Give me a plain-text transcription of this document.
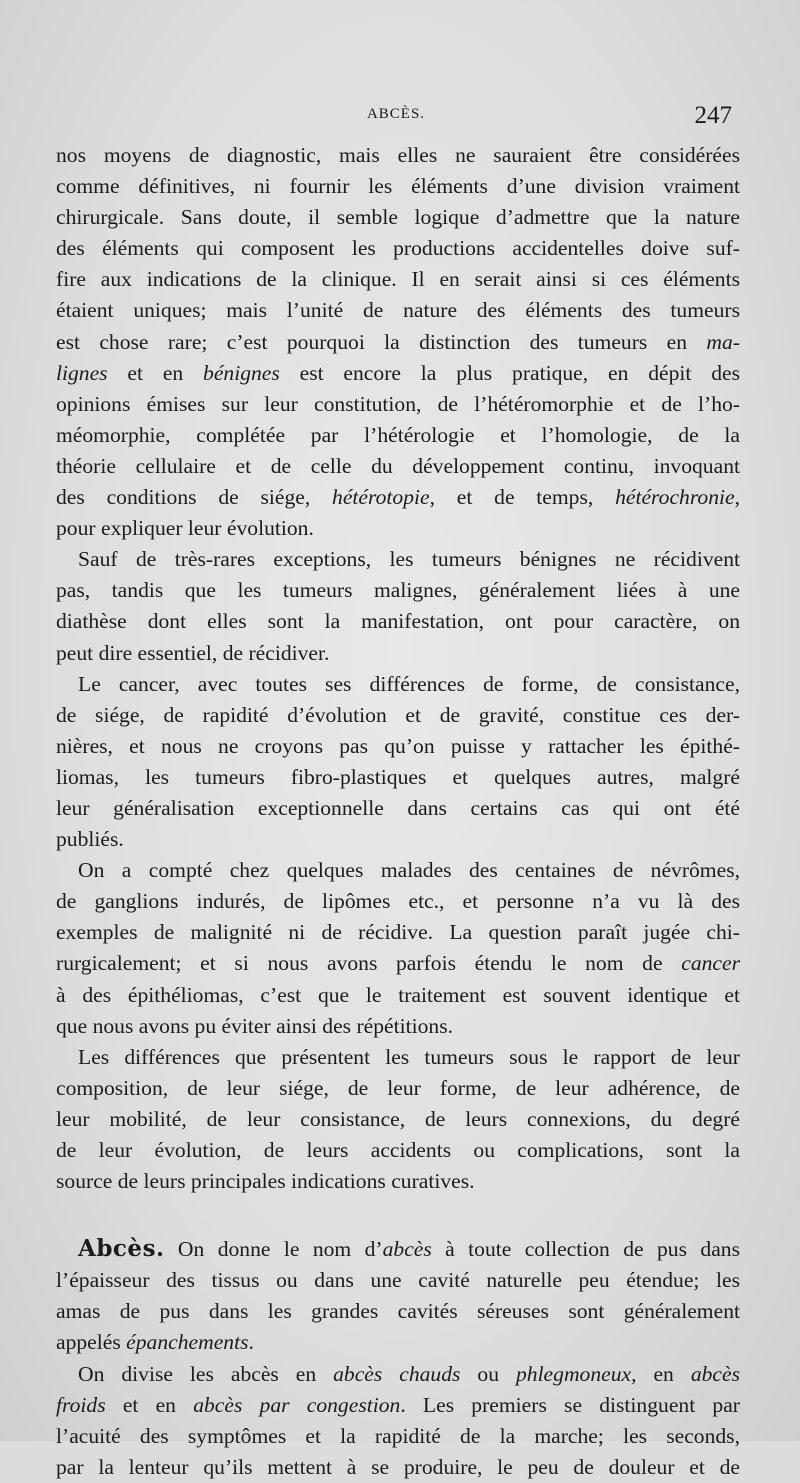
ABCÈS.	247
nos moyens de diagnostic, mais elles ne sauraient être considérées
comme définitives, ni fournir les éléments d’une division vraiment
chirurgicale. Sans doute, il semble logique d’admettre que la nature
des éléments qui composent les productions accidentelles doive suf-
fire aux indications de la clinique. Il en serait ainsi si ces éléments
étaient uniques; mais l’unité de nature des éléments des tumeurs
est chose rare; c’est pourquoi la distinction des tumeurs en ma-
lignes et en bénignes est encore la plus pratique, en dépit des
opinions émises sur leur constitution, de l’hétéromorphie et de l’ho-
méomorphie, complétée par l’hétérologie et l’homologie, de la
théorie cellulaire et de celle du développement continu, invoquant
des conditions de siége, hétérotopie, et de temps, hétérochronie,
pour expliquer leur évolution.
Sauf de très-rares exceptions, les tumeurs bénignes ne récidivent
pas, tandis que les tumeurs malignes, généralement liées à une
diathèse dont elles sont la manifestation, ont pour caractère, on
peut dire essentiel, de récidiver.
Le cancer, avec toutes ses différences de forme, de consistance,
de siége, de rapidité d’évolution et de gravité, constitue ces der-
nières, et nous ne croyons pas qu’on puisse y rattacher les épithé-
liomas, les tumeurs fibro-plastiques et quelques autres, malgré
leur généralisation exceptionnelle dans certains cas qui ont été
publiés.
On a compté chez quelques malades des centaines de névrômes,
de ganglions indurés, de lipômes etc., et personne n’a vu là des
exemples de malignité ni de récidive. La question paraît jugée chi-
rurgicalement; et si nous avons parfois étendu le nom de cancer
à des épithéliomas, c’est que le traitement est souvent identique et
que nous avons pu éviter ainsi des répétitions.
Les différences que présentent les tumeurs sous le rapport de leur
composition, de leur siége, de leur forme, de leur adhérence, de
leur mobilité, de leur consistance, de leurs connexions, du degré
de leur évolution, de leurs accidents ou complications, sont la
source de leurs principales indications curatives.
Abcès. On donne le nom d’abcès à toute collection de pus dans
l’épaisseur des tissus ou dans une cavité naturelle peu étendue; les
amas de pus dans les grandes cavités séreuses sont généralement
appelés épanchements.
On divise les abcès en abcès chauds ou phlegmoneux, en abcès
froids et en abcès par congestion. Les premiers se distinguent par
l’acuité des symptômes et la rapidité de la marche; les seconds,
par la lenteur qu’ils mettent à se produire, le peu de douleur et de
